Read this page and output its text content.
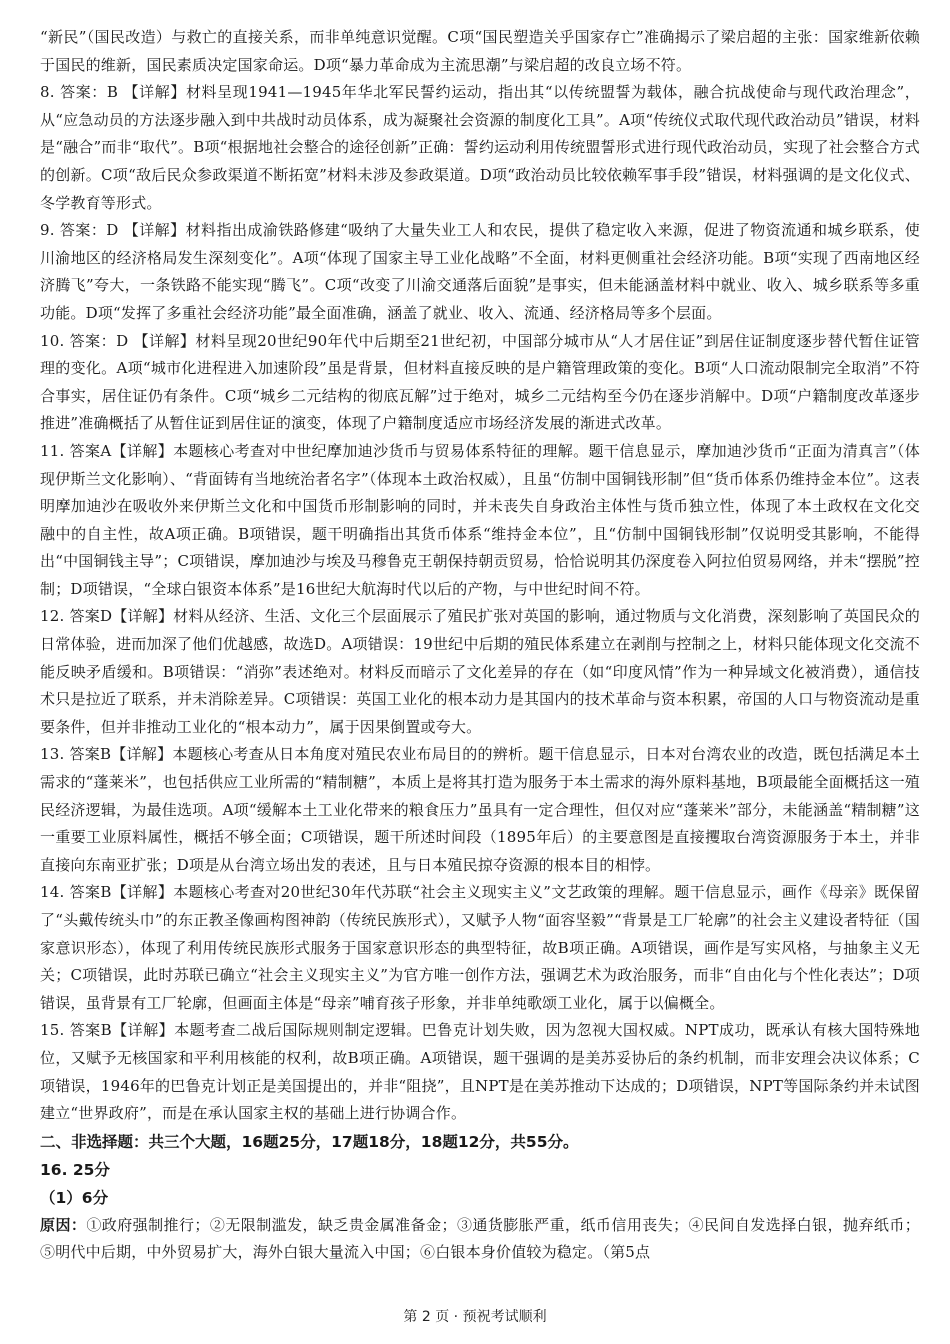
“新民”（国民改造）与救亡的直接关系，而非单纯意识觉醒。C项“国民塑造关乎国家存亡”准确揭示了梁启超的主张：国家维新依赖于国民的维新，国民素质决定国家命运。D项“暴力革命成为主流思潮”与梁启超的改良立场不符。

8. 答案：B 【详解】材料呈现1941—1945年华北军民誓约运动，指出其“以传统盟誓为载体，融合抗战使命与现代政治理念”，从“应急动员的方法逐步融入到中共战时动员体系，成为凝聚社会资源的制度化工具”。A项“传统仪式取代现代政治动员”错误，材料是“融合”而非“取代”。B项“根据地社会整合的途径创新”正确：誓约运动利用传统盟誓形式进行现代政治动员，实现了社会整合方式的创新。C项“敌后民众参政渠道不断拓宽”材料未涉及参政渠道。D项“政治动员比较依赖军事手段”错误，材料强调的是文化仪式、冬学教育等形式。

9. 答案：D 【详解】材料指出成渝铁路修建“吸纳了大量失业工人和农民，提供了稳定收入来源，促进了物资流通和城乡联系，使川渝地区的经济格局发生深刻变化”。A项“体现了国家主导工业化战略”不全面，材料更侧重社会经济功能。B项“实现了西南地区经济腾飞”夸大，一条铁路不能实现“腾飞”。C项“改变了川渝交通落后面貌”是事实，但未能涵盖材料中就业、收入、城乡联系等多重功能。D项“发挥了多重社会经济功能”最全面准确，涵盖了就业、收入、流通、经济格局等多个层面。

10. 答案：D 【详解】材料呈现20世纪90年代中后期至21世纪初，中国部分城市从“人才居住证”到居住证制度逐步替代暂住证管理的变化。A项“城市化进程进入加速阶段”虽是背景，但材料直接反映的是户籍管理政策的变化。B项“人口流动限制完全取消”不符合事实，居住证仍有条件。C项“城乡二元结构的彻底瓦解”过于绝对，城乡二元结构至今仍在逐步消解中。D项“户籍制度改革逐步推进”准确概括了从暂住证到居住证的演变，体现了户籍制度适应市场经济发展的渐进式改革。

11. 答案A【详解】本题核心考查对中世纪摩加迪沙货币与贸易体系特征的理解。题干信息显示，摩加迪沙货币“正面为清真言”（体现伊斯兰文化影响）、“背面铸有当地统治者名字”（体现本土政治权威），且虽“仿制中国铜钱形制”但“货币体系仍维持金本位”。这表明摩加迪沙在吸收外来伊斯兰文化和中国货币形制影响的同时，并未丧失自身政治主体性与货币独立性，体现了本土政权在文化交融中的自主性，故A项正确。B项错误，题干明确指出其货币体系“维持金本位”，且“仿制中国铜钱形制”仅说明受其影响，不能得出“中国铜钱主导”；C项错误，摩加迪沙与埃及马穆鲁克王朝保持朝贡贸易，恰恰说明其仍深度卷入阿拉伯贸易网络，并未“摆脱”控制；D项错误，“全球白银资本体系”是16世纪大航海时代以后的产物，与中世纪时间不符。

12. 答案D【详解】材料从经济、生活、文化三个层面展示了殖民扩张对英国的影响，通过物质与文化消费，深刻影响了英国民众的日常体验，进而加深了他们优越感，故选D。A项错误：19世纪中后期的殖民体系建立在剥削与控制之上，材料只能体现文化交流不能反映矛盾缓和。B项错误：“消弥”表述绝对。材料反而暗示了文化差异的存在（如“印度风情”作为一种异域文化被消费），通信技术只是拉近了联系，并未消除差异。C项错误：英国工业化的根本动力是其国内的技术革命与资本积累，帝国的人口与物资流动是重要条件，但并非推动工业化的“根本动力”，属于因果倒置或夸大。

13. 答案B【详解】本题核心考查从日本角度对殖民农业布局目的的辨析。题干信息显示，日本对台湾农业的改造，既包括满足本土需求的“蓬莱米”，也包括供应工业所需的“精制糖”，本质上是将其打造为服务于本土需求的海外原料基地，B项最能全面概括这一殖民经济逻辑，为最佳选项。A项“缓解本土工业化带来的粮食压力”虽具有一定合理性，但仅对应“蓬莱米”部分，未能涵盖“精制糖”这一重要工业原料属性，概括不够全面；C项错误，题干所述时间段（1895年后）的主要意图是直接攫取台湾资源服务于本土，并非直接向东南亚扩张；D项是从台湾立场出发的表述，且与日本殖民掠夺资源的根本目的相悖。

14. 答案B【详解】本题核心考查对20世纪30年代苏联“社会主义现实主义”文艺政策的理解。题干信息显示，画作《母亲》既保留了“头戴传统头巾”的东正教圣像画构图神韵（传统民族形式），又赋予人物“面容坚毅”“背景是工厂轮廓”的社会主义建设者特征（国家意识形态），体现了利用传统民族形式服务于国家意识形态的典型特征，故B项正确。A项错误，画作是写实风格，与抽象主义无关；C项错误，此时苏联已确立“社会主义现实主义”为官方唯一创作方法，强调艺术为政治服务，而非“自由化与个性化表达”；D项错误，虽背景有工厂轮廓，但画面主体是“母亲”哺育孩子形象，并非单纯歌颂工业化，属于以偏概全。

15. 答案B【详解】本题考查二战后国际规则制定逻辑。巴鲁克计划失败，因为忽视大国权威。NPT成功，既承认有核大国特殊地位，又赋予无核国家和平利用核能的权利，故B项正确。A项错误，题干强调的是美苏妥协后的条约机制，而非安理会决议体系；C项错误，1946年的巴鲁克计划正是美国提出的，并非“阻挠”，且NPT是在美苏推动下达成的；D项错误，NPT等国际条约并未试图建立“世界政府”，而是在承认国家主权的基础上进行协调合作。

二、非选择题：共三个大题，16题25分，17题18分，18题12分，共55分。

16. 25分

（1）6分

原因：①政府强制推行；②无限制滥发，缺乏贵金属准备金；③通货膨胀严重，纸币信用丧失；④民间自发选择白银，抛弃纸币；⑤明代中后期，中外贸易扩大，海外白银大量流入中国；⑥白银本身价值较为稳定。（第5点

第 2 页 · 预祝考试顺利
